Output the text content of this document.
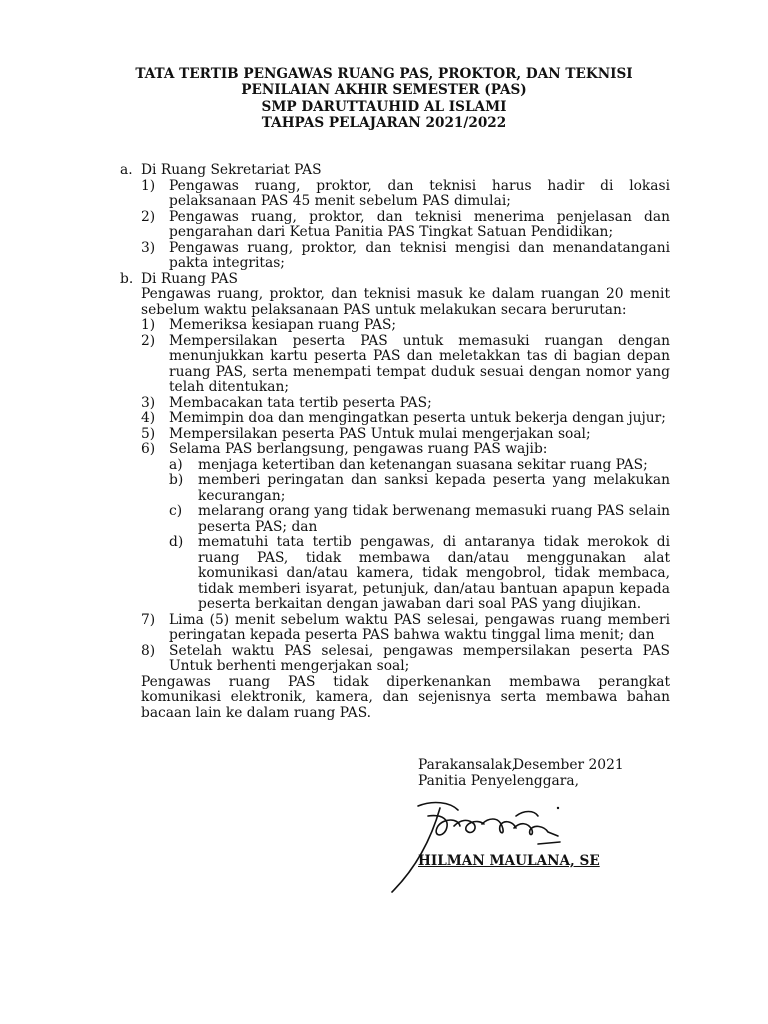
TATA TERTIB PENGAWAS RUANG PAS, PROKTOR, DAN TEKNISI
PENILAIAN AKHIR SEMESTER (PAS)
SMP DARUTTAUHID AL ISLAMI
TAHPAS PELAJARAN 2021/2022
a. Di Ruang Sekretariat PAS
1) Pengawas ruang, proktor, dan teknisi harus hadir di lokasi pelaksanaan PAS 45 menit sebelum PAS dimulai;
2) Pengawas ruang, proktor, dan teknisi menerima penjelasan dan pengarahan dari Ketua Panitia PAS Tingkat Satuan Pendidikan;
3) Pengawas ruang, proktor, dan teknisi mengisi dan menandatangani pakta integritas;
b. Di Ruang PAS
Pengawas ruang, proktor, dan teknisi masuk ke dalam ruangan 20 menit sebelum waktu pelaksanaan PAS untuk melakukan secara berurutan:
1) Memeriksa kesiapan ruang PAS;
2) Mempersilakan peserta PAS untuk memasuki ruangan dengan menunjukkan kartu peserta PAS dan meletakkan tas di bagian depan ruang PAS, serta menempati tempat duduk sesuai dengan nomor yang telah ditentukan;
3) Membacakan tata tertib peserta PAS;
4) Memimpin doa dan mengingatkan peserta untuk bekerja dengan jujur;
5) Mempersilakan peserta PAS Untuk mulai mengerjakan soal;
6) Selama PAS berlangsung, pengawas ruang PAS wajib:
a) menjaga ketertiban dan ketenangan suasana sekitar ruang PAS;
b) memberi peringatan dan sanksi kepada peserta yang melakukan kecurangan;
c) melarang orang yang tidak berwenang memasuki ruang PAS selain peserta PAS; dan
d) mematuhi tata tertib pengawas, di antaranya tidak merokok di ruang PAS, tidak membawa dan/atau menggunakan alat komunikasi dan/atau kamera, tidak mengobrol, tidak membaca, tidak memberi isyarat, petunjuk, dan/atau bantuan apapun kepada peserta berkaitan dengan jawaban dari soal PAS yang diujikan.
7) Lima (5) menit sebelum waktu PAS selesai, pengawas ruang memberi peringatan kepada peserta PAS bahwa waktu tinggal lima menit; dan
8) Setelah waktu PAS selesai, pengawas mempersilakan peserta PAS Untuk berhenti mengerjakan soal;
Pengawas ruang PAS tidak diperkenankan membawa perangkat komunikasi elektronik, kamera, dan sejenisnya serta membawa bahan bacaan lain ke dalam ruang PAS.
Parakansalak,Desember 2021
Panitia Penyelenggara,
HILMAN MAULANA, SE
